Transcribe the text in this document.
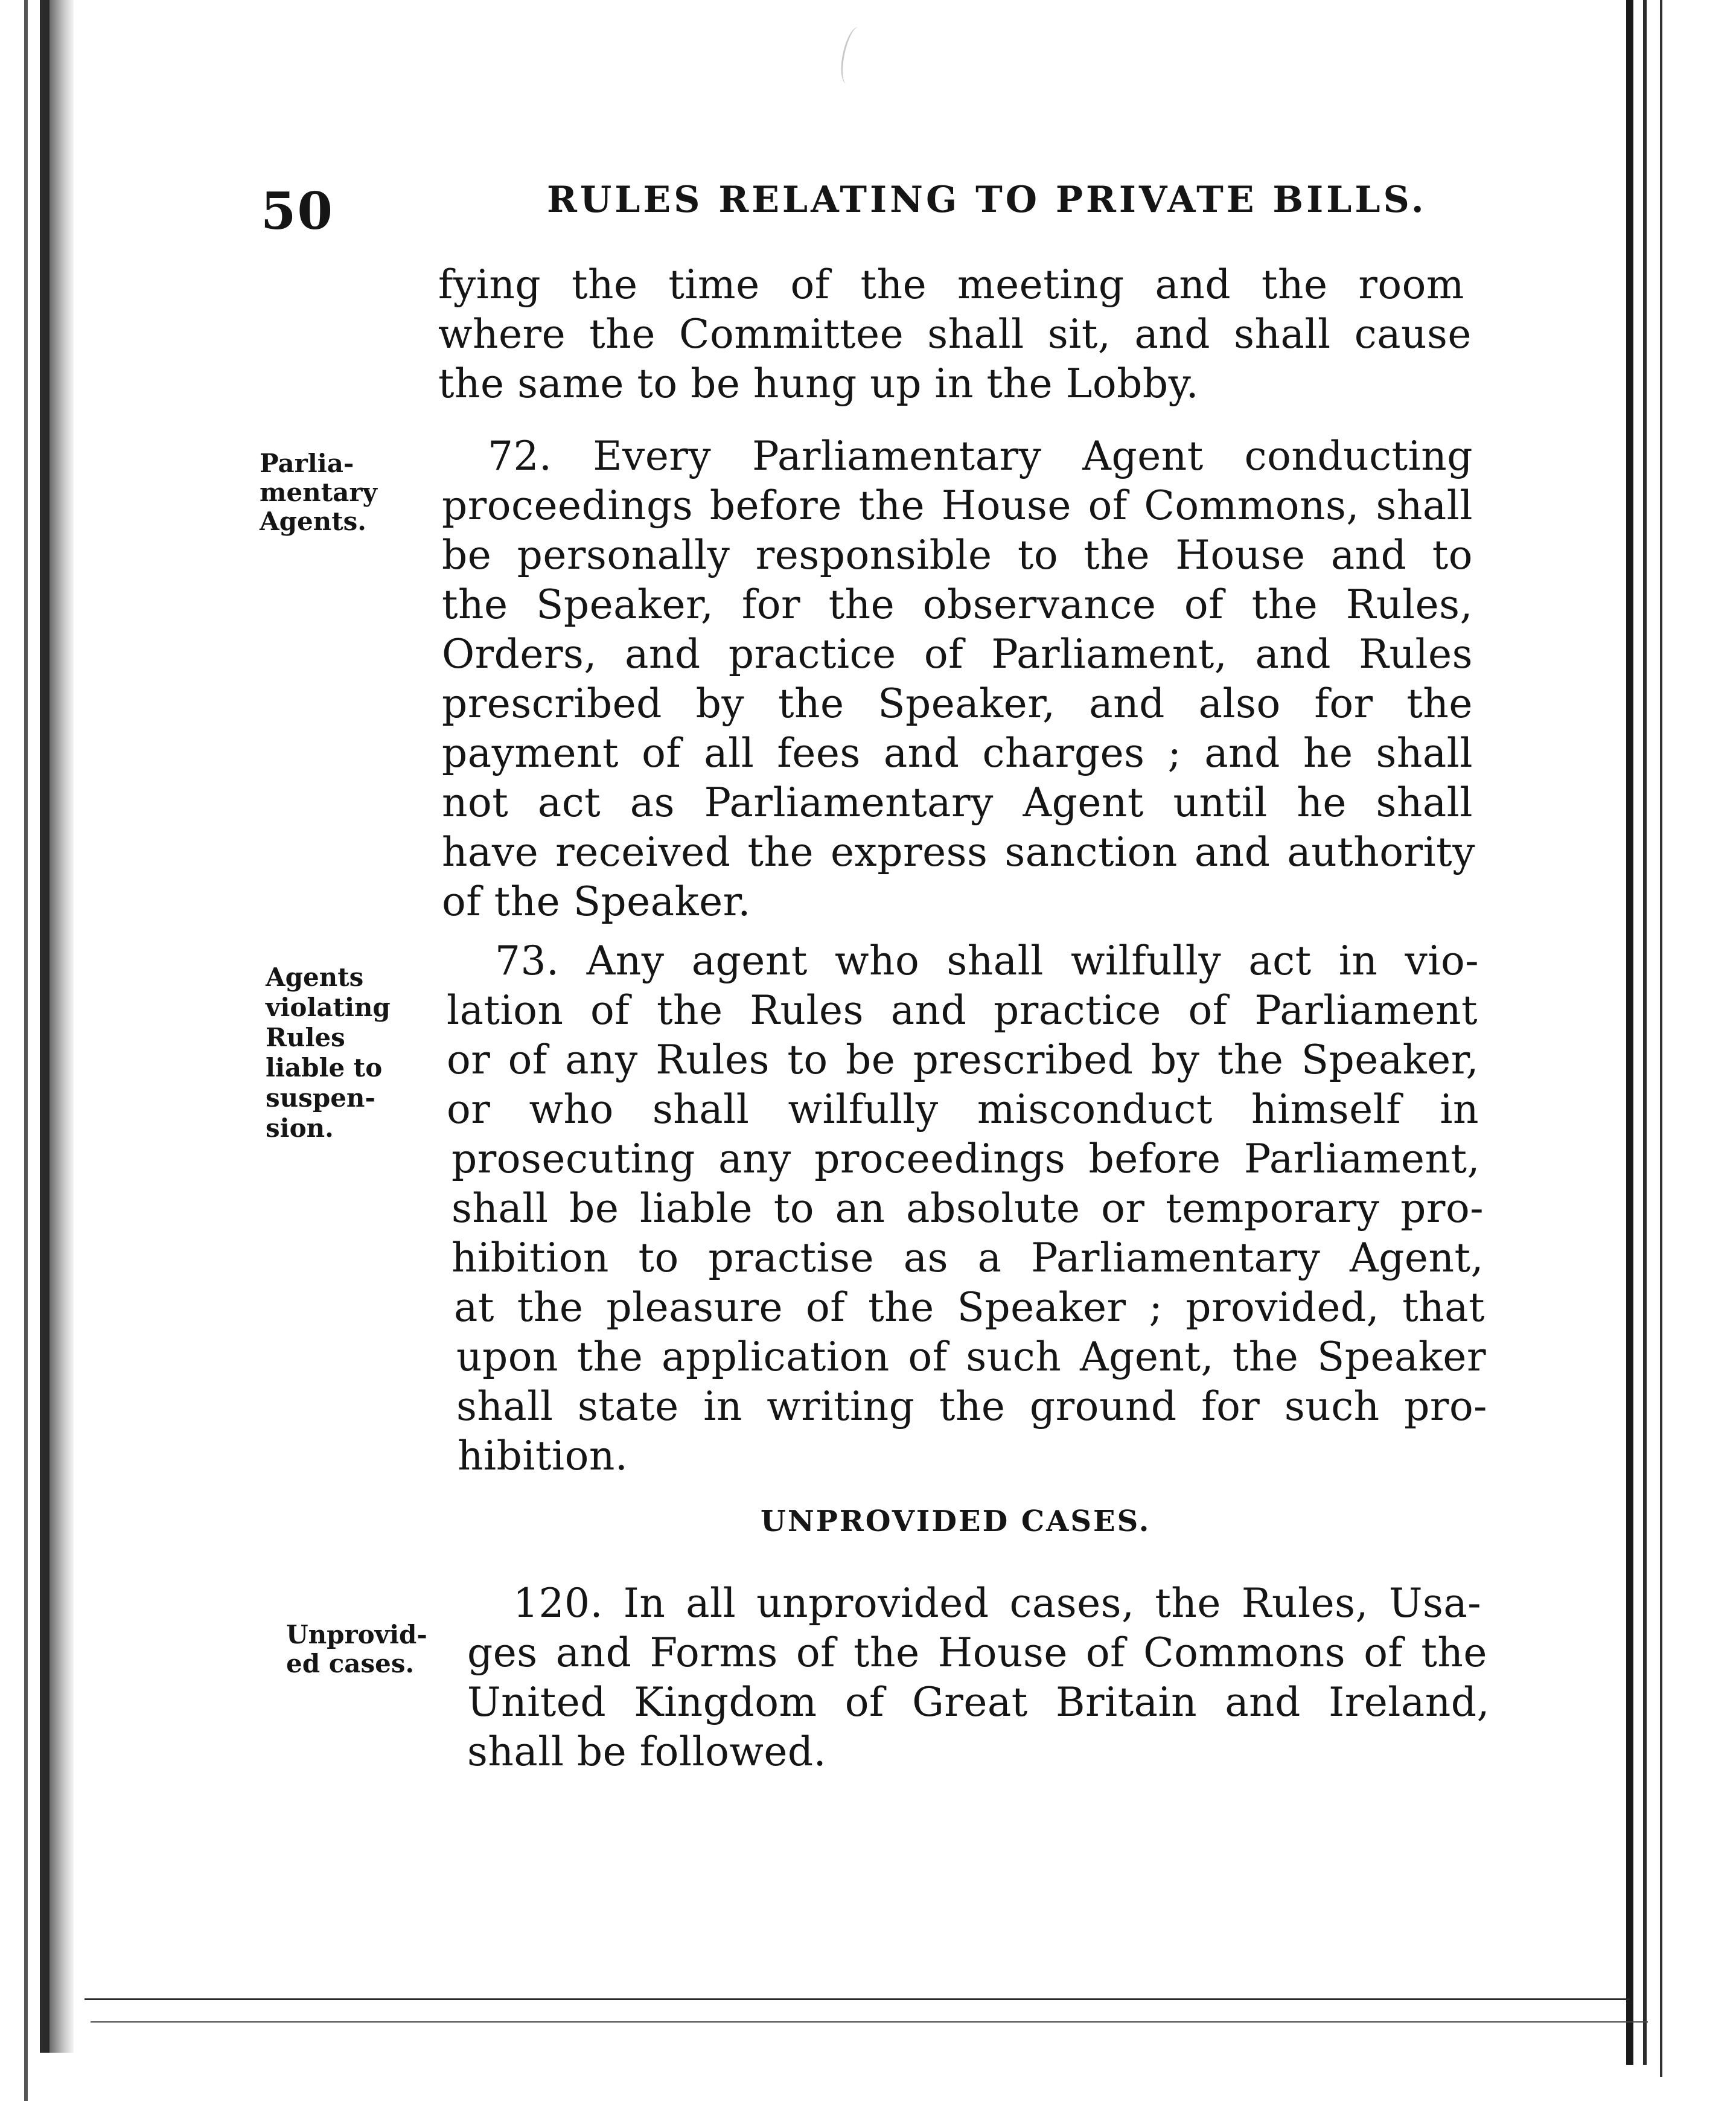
50	RULES RELATING TO PRIVATE BILLS.
fying the time of the meeting and the room
where the Committee shall sit, and shall cause
the same to be hung up in the Lobby.
Parlia-
mentary
Agents.
72. Every Parliamentary Agent conducting
proceedings before the House of Commons, shall
be personally responsible to the House and to
the Speaker, for the observance of the Rules,
Orders, and practice of Parliament, and Rules
prescribed by the Speaker, and also for the
payment of all fees and charges ; and he shall
not act as Parliamentary Agent until he shall
have received the express sanction and authority
of the Speaker.
Agents
violating
Rules
liable to
suspen-
sion.
73. Any agent who shall wilfully act in vio-
lation of the Rules and practice of Parliament
or of any Rules to be prescribed by the Speaker,
or who shall wilfully misconduct himself in
prosecuting any proceedings before Parliament,
shall be liable to an absolute or temporary pro-
hibition to practise as a Parliamentary Agent,
at the pleasure of the Speaker ; provided, that
upon the application of such Agent, the Speaker
shall state in writing the ground for such pro-
hibition.
UNPROVIDED CASES.
Unprovid-
ed cases.
120. In all unprovided cases, the Rules, Usa-
ges and Forms of the House of Commons of the
United Kingdom of Great Britain and Ireland,
shall be followed.
